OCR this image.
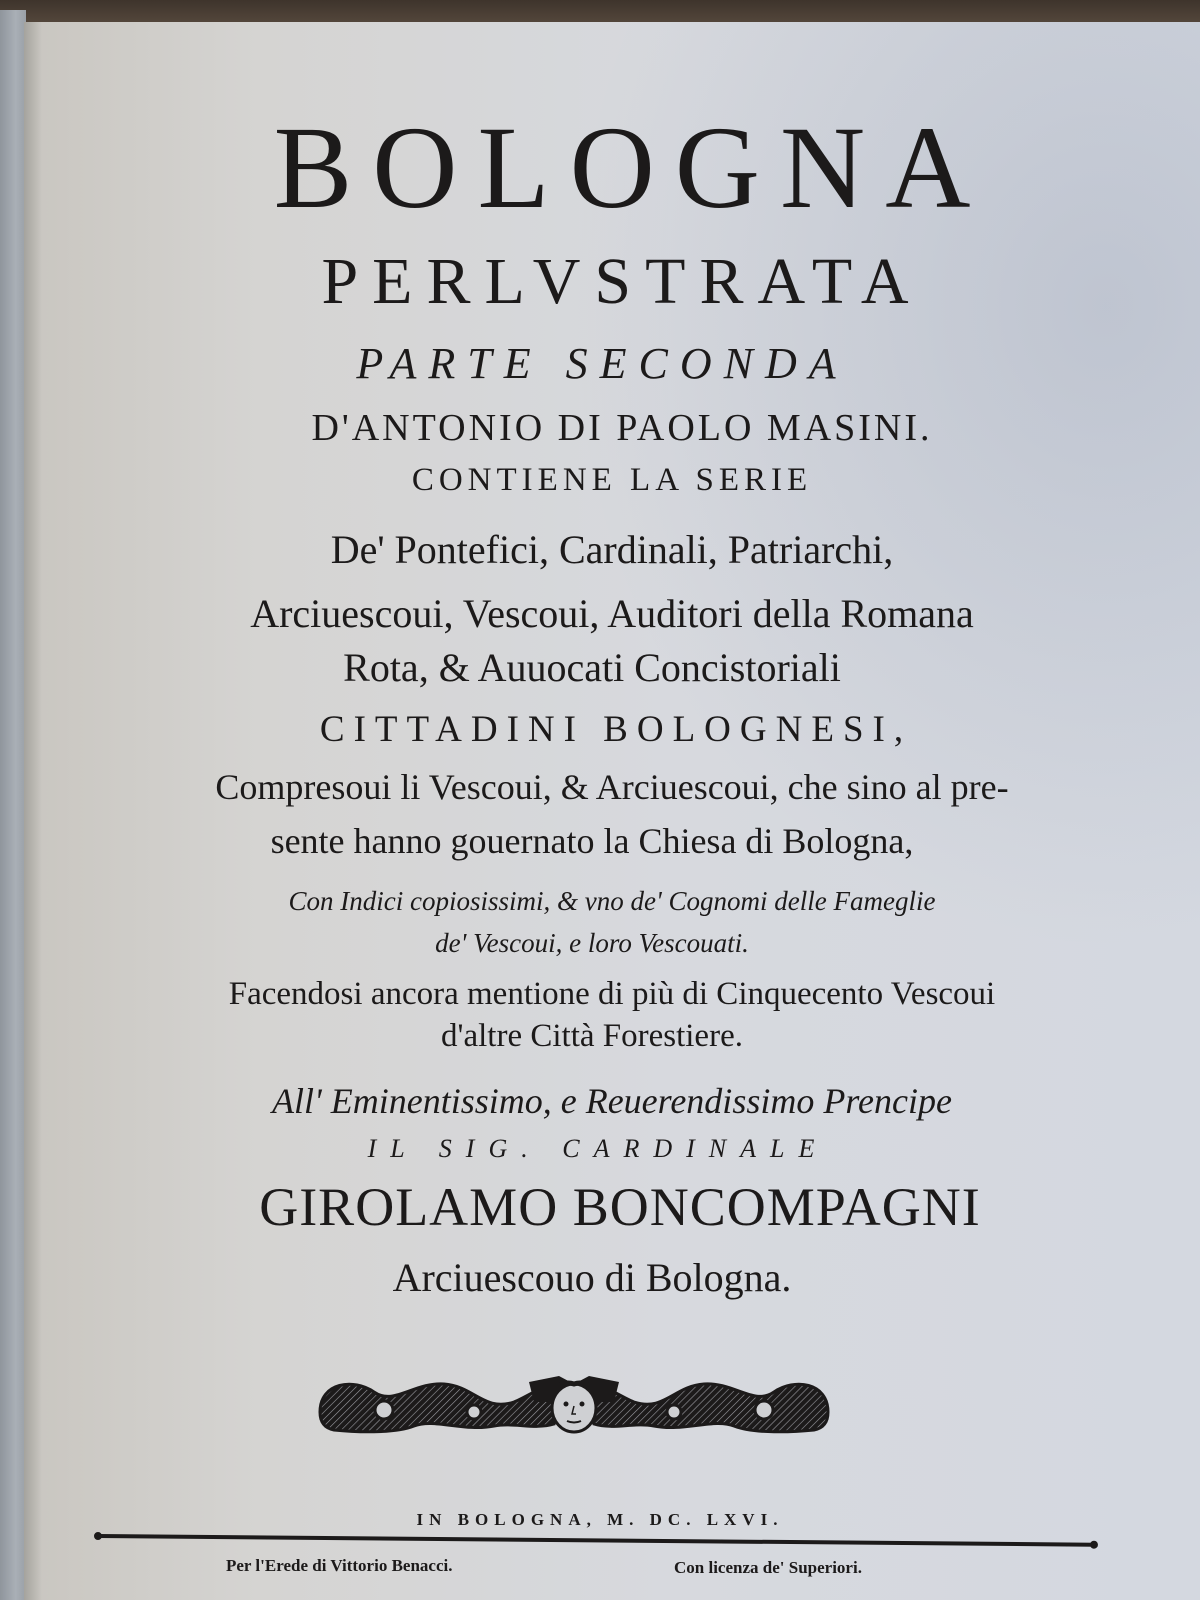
BOLOGNA
PERLVSTRATA
PARTE SECONDA
D'ANTONIO DI PAOLO MASINI.
CONTIENE LA SERIE
De' Pontefici, Cardinali, Patriarchi,
Arciuescoui, Vescoui, Auditori della Romana
Rota, & Auuocati Concistoriali
CITTADINI BOLOGNESI,
Compresoui li Vescoui, & Arciuescoui, che sino al pre-
sente hanno gouernato la Chiesa di Bologna,
Con Indici copiosissimi, & vno de' Cognomi delle Fameglie
de' Vescoui, e loro Vescouati.
Facendosi ancora mentione di più di Cinquecento Vescoui
d'altre Città Forestiere.
All' Eminentissimo, e Reuerendissimo Prencipe
IL SIG. CARDINALE
GIROLAMO BONCOMPAGNI
Arciuescouo di Bologna.
IN BOLOGNA, M. DC. LXVI.
Per l'Erede di Vittorio Benacci.	Con licenza de' Superiori.
